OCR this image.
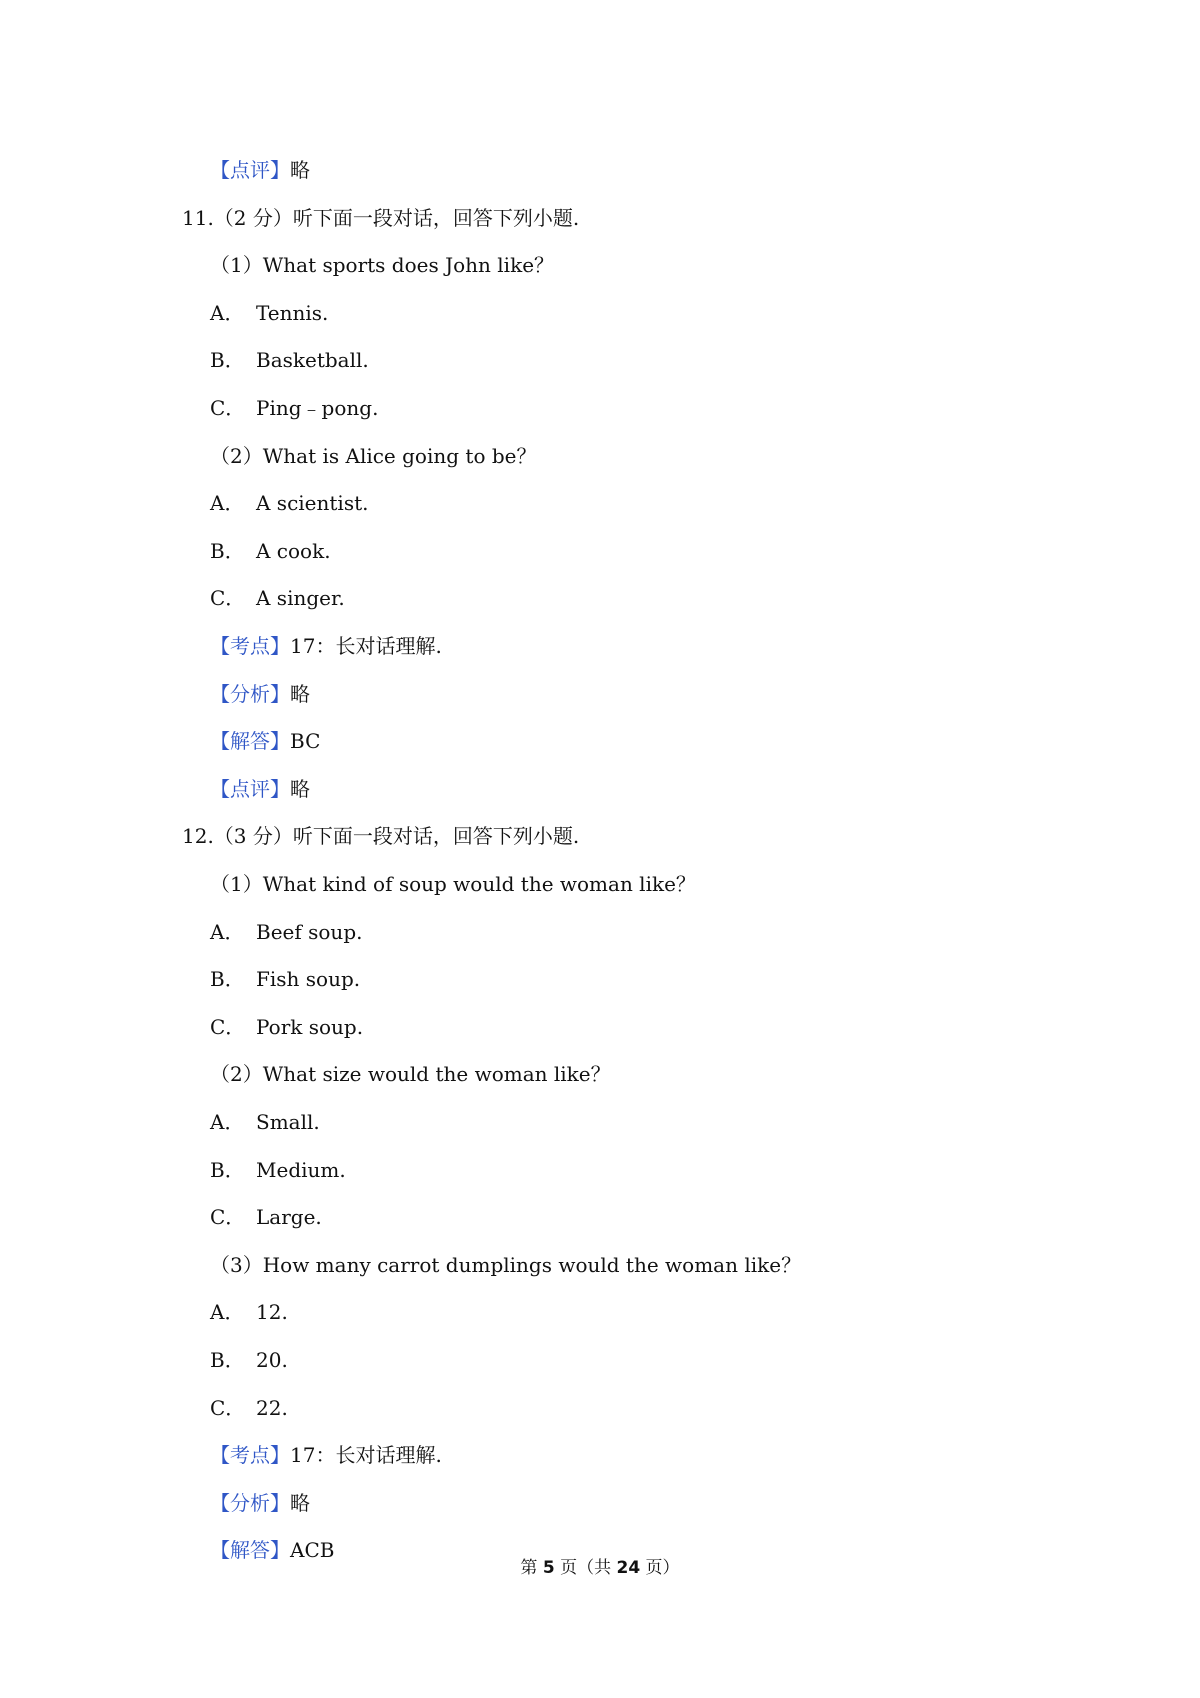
第 5 页（共 24 页）
【点评】略
11.（2 分）听下面一段对话，回答下列小题.
（1）What sports does John like？
A． Tennis.
B． Basketball.
C． Ping﹣pong.
（2）What is Alice going to be？
A． A scientist.
B． A cook.
C． A singer.
【考点】17：长对话理解.
【分析】略
【解答】BC
【点评】略
12.（3 分）听下面一段对话，回答下列小题.
（1）What kind of soup would the woman like？
A． Beef soup.
B． Fish soup.
C． Pork soup.
（2）What size would the woman like？
A． Small.
B． Medium.
C． Large.
（3）How many carrot dumplings would the woman like？
A． 12.
B． 20.
C． 22.
【考点】17：长对话理解.
【分析】略
【解答】ACB
